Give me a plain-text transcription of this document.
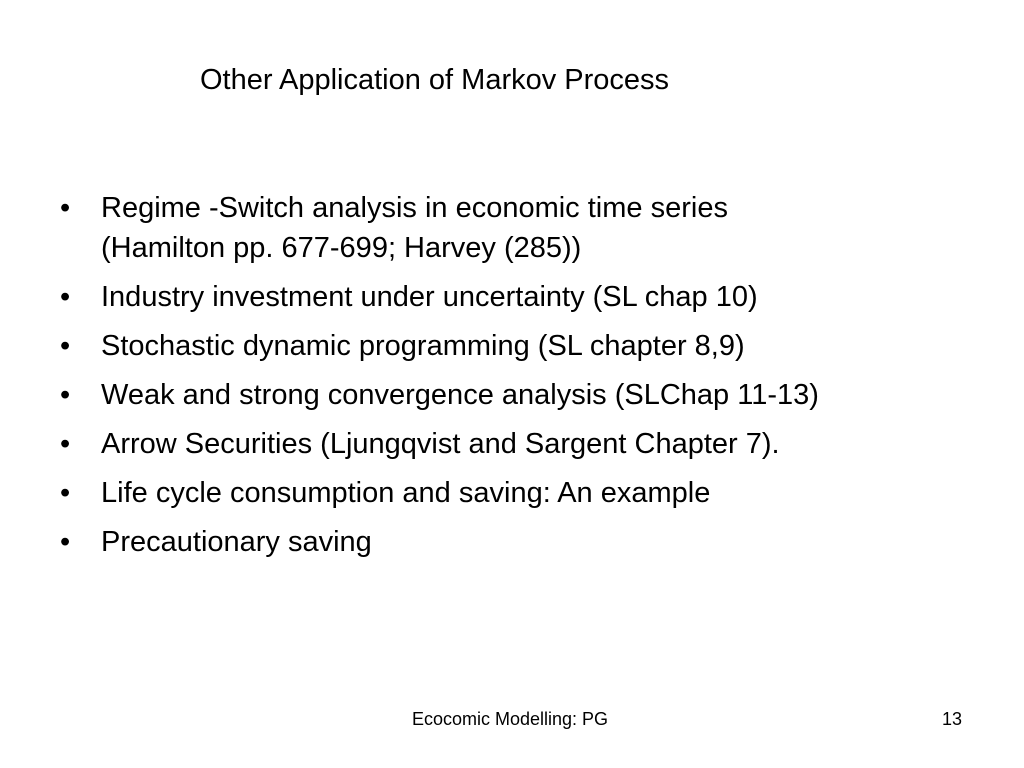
Other Application of Markov Process
•	Regime -Switch analysis in economic time series
(Hamilton pp. 677-699; Harvey (285))
•	Industry investment under uncertainty (SL chap 10)
•	Stochastic dynamic programming (SL chapter 8,9)
•	Weak and strong convergence analysis (SLChap 11-13)
•	Arrow Securities (Ljungqvist and Sargent Chapter 7).
•	Life cycle consumption and saving: An example
•	Precautionary saving
Ecocomic Modelling: PG	13
